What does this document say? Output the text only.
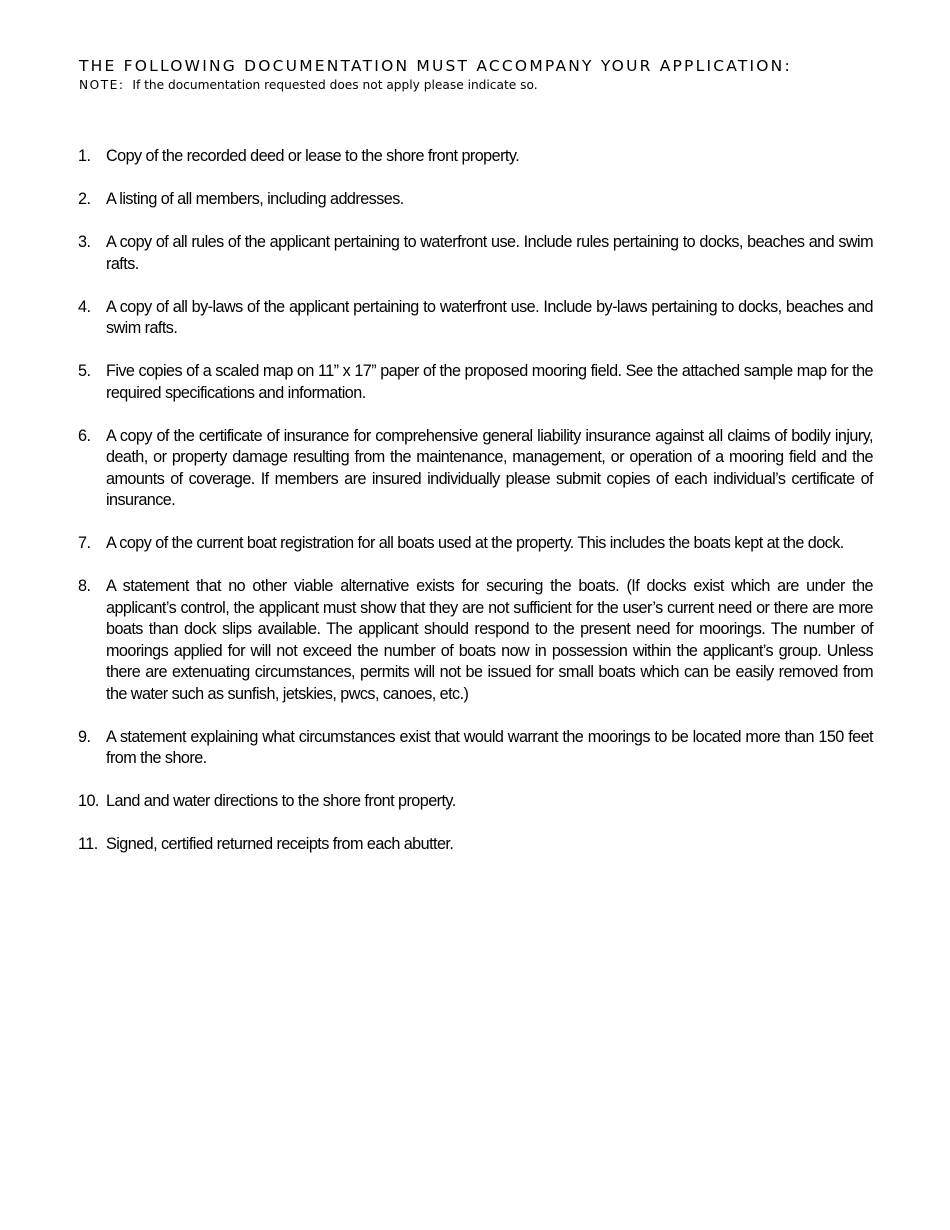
THE FOLLOWING DOCUMENTATION MUST ACCOMPANY YOUR APPLICATION:

NOTE: If the documentation requested does not apply please indicate so.

1. Copy of the recorded deed or lease to the shore front property.
2. A listing of all members, including addresses.
3. A copy of all rules of the applicant pertaining to waterfront use. Include rules pertaining to docks, beaches and swim rafts.
4. A copy of all by-laws of the applicant pertaining to waterfront use. Include by-laws pertaining to docks, beaches and swim rafts.
5. Five copies of a scaled map on 11” x 17” paper of the proposed mooring field. See the attached sample map for the required specifications and information.
6. A copy of the certificate of insurance for comprehensive general liability insurance against all claims of bodily injury, death, or property damage resulting from the maintenance, management, or operation of a mooring field and the amounts of coverage. If members are insured individually please submit copies of each individual’s certificate of insurance.
7. A copy of the current boat registration for all boats used at the property. This includes the boats kept at the dock.
8. A statement that no other viable alternative exists for securing the boats. (If docks exist which are under the applicant’s control, the applicant must show that they are not sufficient for the user’s current need or there are more boats than dock slips available. The applicant should respond to the present need for moorings. The number of moorings applied for will not exceed the number of boats now in possession within the applicant’s group. Unless there are extenuating circumstances, permits will not be issued for small boats which can be easily removed from the water such as sunfish, jetskies, pwcs, canoes, etc.)
9. A statement explaining what circumstances exist that would warrant the moorings to be located more than 150 feet from the shore.
10. Land and water directions to the shore front property.
11. Signed, certified returned receipts from each abutter.
